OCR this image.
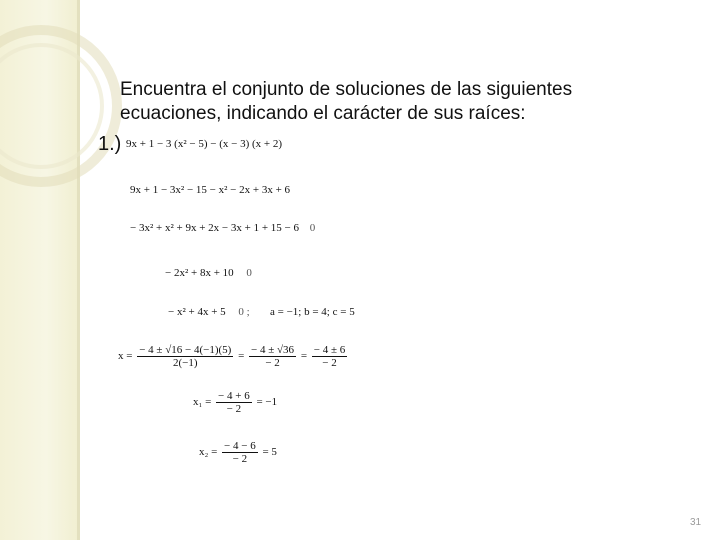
Encuentra el conjunto de soluciones de las siguientes ecuaciones, indicando el carácter de sus raíces:
1.) 9x + 1 − 3 (x² − 5) − (x − 3) (x + 2)
9x + 1 − 3x² − 15 − x² − 2x + 3x + 6
− 3x² + x² + 9x + 2x − 3x + 1 + 15 − 6 0
− 2x² + 8x + 10 0
− x² + 4x + 5 0 ; a = −1; b = 4; c = 5
$x = \frac{- 4 \pm √16 - 4(-1)(5)}{2(-1)} = \frac{- 4 \pm √36}{- 2} = \frac{- 4 \pm 6}{- 2}$
$x_1 = \frac{- 4 + 6}{- 2} = -1$
$x_2 = \frac{- 4 - 6}{- 2} = 5$
31
